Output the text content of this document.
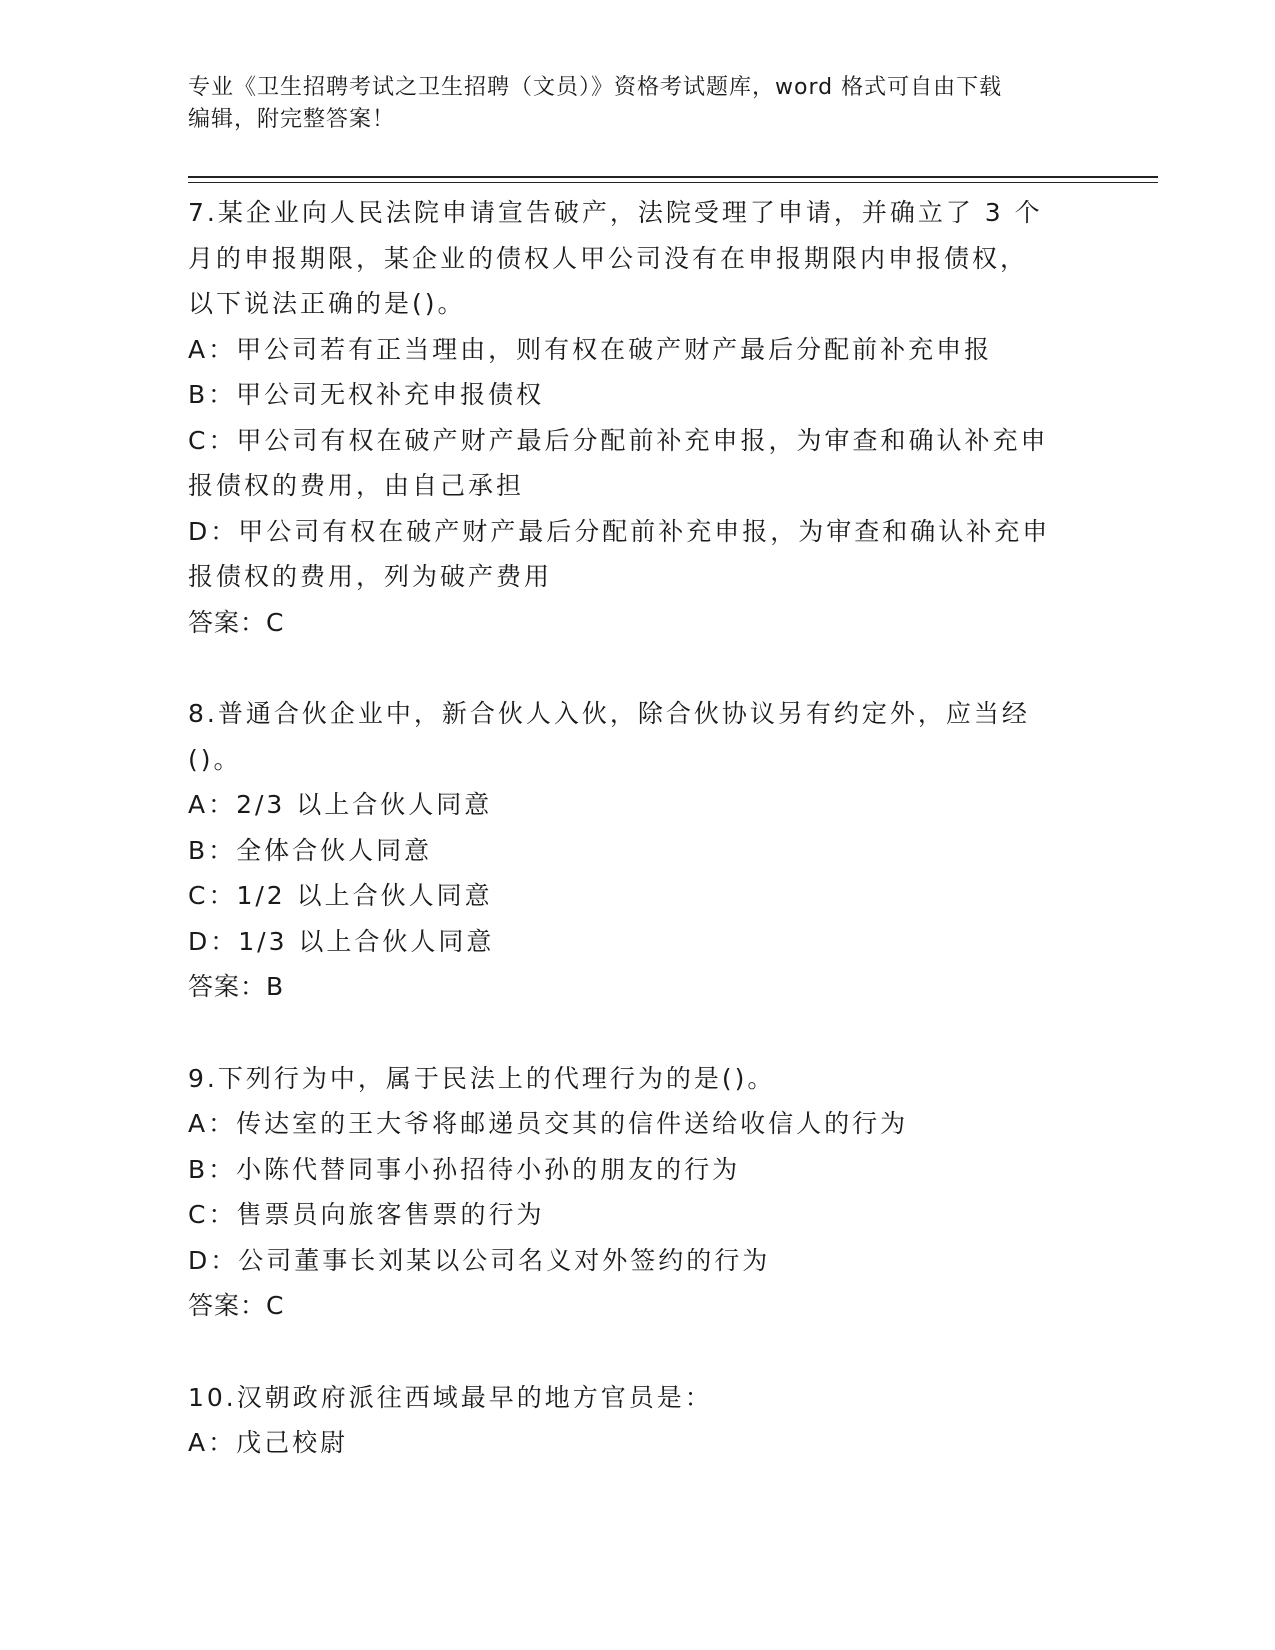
专业《卫生招聘考试之卫生招聘（文员）》资格考试题库，word 格式可自由下载
编辑，附完整答案！
7.某企业向人民法院申请宣告破产，法院受理了申请，并确立了 3 个
月的申报期限，某企业的债权人甲公司没有在申报期限内申报债权，
以下说法正确的是()。
A：甲公司若有正当理由，则有权在破产财产最后分配前补充申报
B：甲公司无权补充申报债权
C：甲公司有权在破产财产最后分配前补充申报，为审查和确认补充申
报债权的费用，由自己承担
D：甲公司有权在破产财产最后分配前补充申报，为审查和确认补充申
报债权的费用，列为破产费用
答案：C
8.普通合伙企业中，新合伙人入伙，除合伙协议另有约定外，应当经
()。
A：2/3 以上合伙人同意
B：全体合伙人同意
C：1/2 以上合伙人同意
D：1/3 以上合伙人同意
答案：B
9.下列行为中，属于民法上的代理行为的是()。
A：传达室的王大爷将邮递员交其的信件送给收信人的行为
B：小陈代替同事小孙招待小孙的朋友的行为
C：售票员向旅客售票的行为
D：公司董事长刘某以公司名义对外签约的行为
答案：C
10.汉朝政府派往西域最早的地方官员是：
A：戊己校尉
